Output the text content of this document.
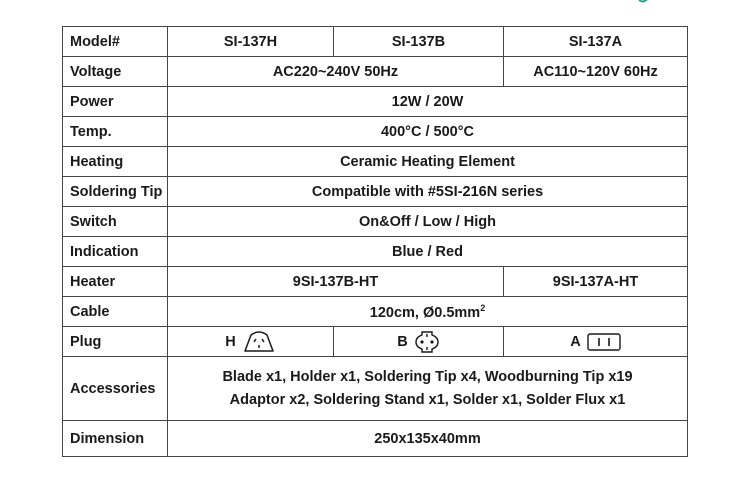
Model#	SI-137H	SI-137B	SI-137A
Voltage	AC220~240V 50Hz		AC110~120V 60Hz
Power	12W / 20W		
Temp.	400°C / 500°C		
Heating	Ceramic Heating Element		
Soldering Tip	Compatible with #5SI-216N series		
Switch	On&Off / Low / High		
Indication	Blue / Red		
Heater	9SI-137B-HT		9SI-137A-HT
Cable	120cm, $Ø0.5mm^2$
Plug	H	B	A

Accessories	Blade x1, Holder x1, Soldering Tip x4, Woodburning Tip x19
Adaptor x2, Soldering Stand x1, Solder x1, Solder Flux x1		

Dimension	250x135x40mm		
